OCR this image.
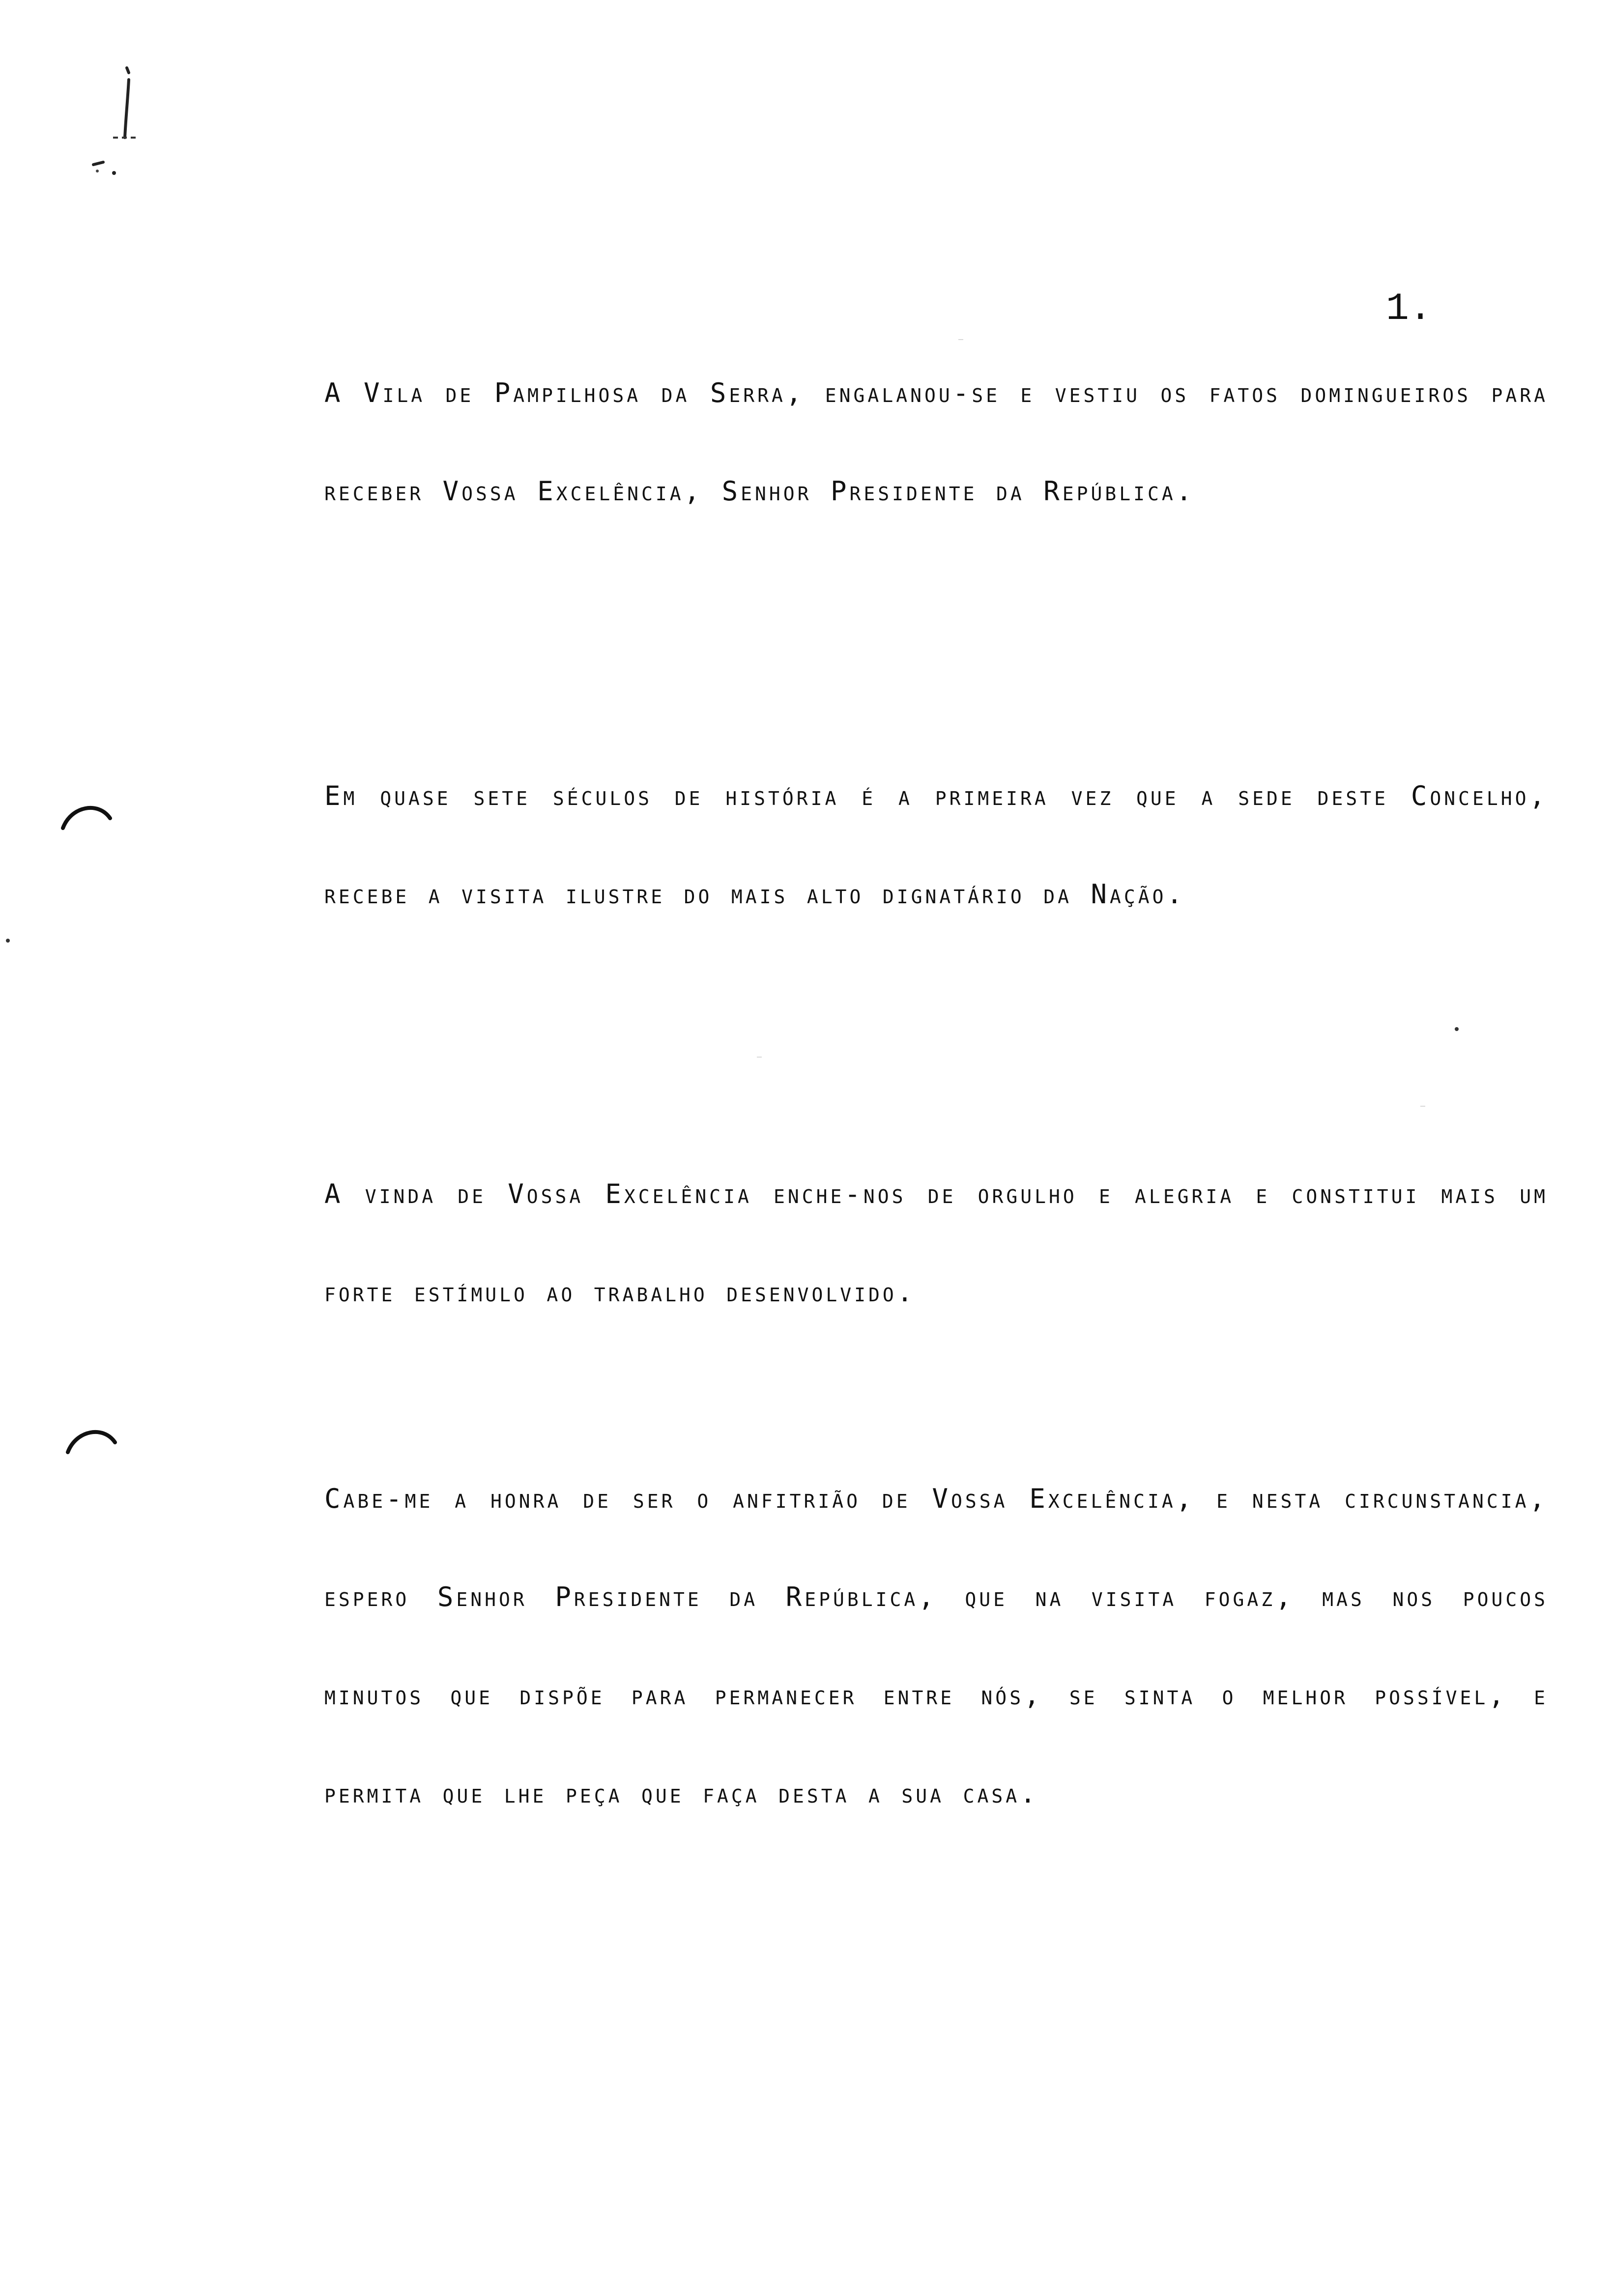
1.

A Vila de Pampilhosa da Serra, engalanou-se e vestiu os fatos domingueiros para receber Vossa Excelência, Senhor Presidente da República.

Em quase sete séculos de história é a primeira vez que a sede deste Concelho, recebe a visita ilustre do mais alto dignatário da Nação.

A vinda de Vossa Excelência enche-nos de orgulho e alegria e constitui mais um forte estímulo ao trabalho desenvolvido.

Cabe-me a honra de ser o anfitrião de Vossa Excelência, e nesta circunstancia, espero Senhor Presidente da República, que na visita fogaz, mas nos poucos minutos que dispõe para permanecer entre nós, se sinta o melhor possível, e permita que lhe peça que faça desta a sua casa.
